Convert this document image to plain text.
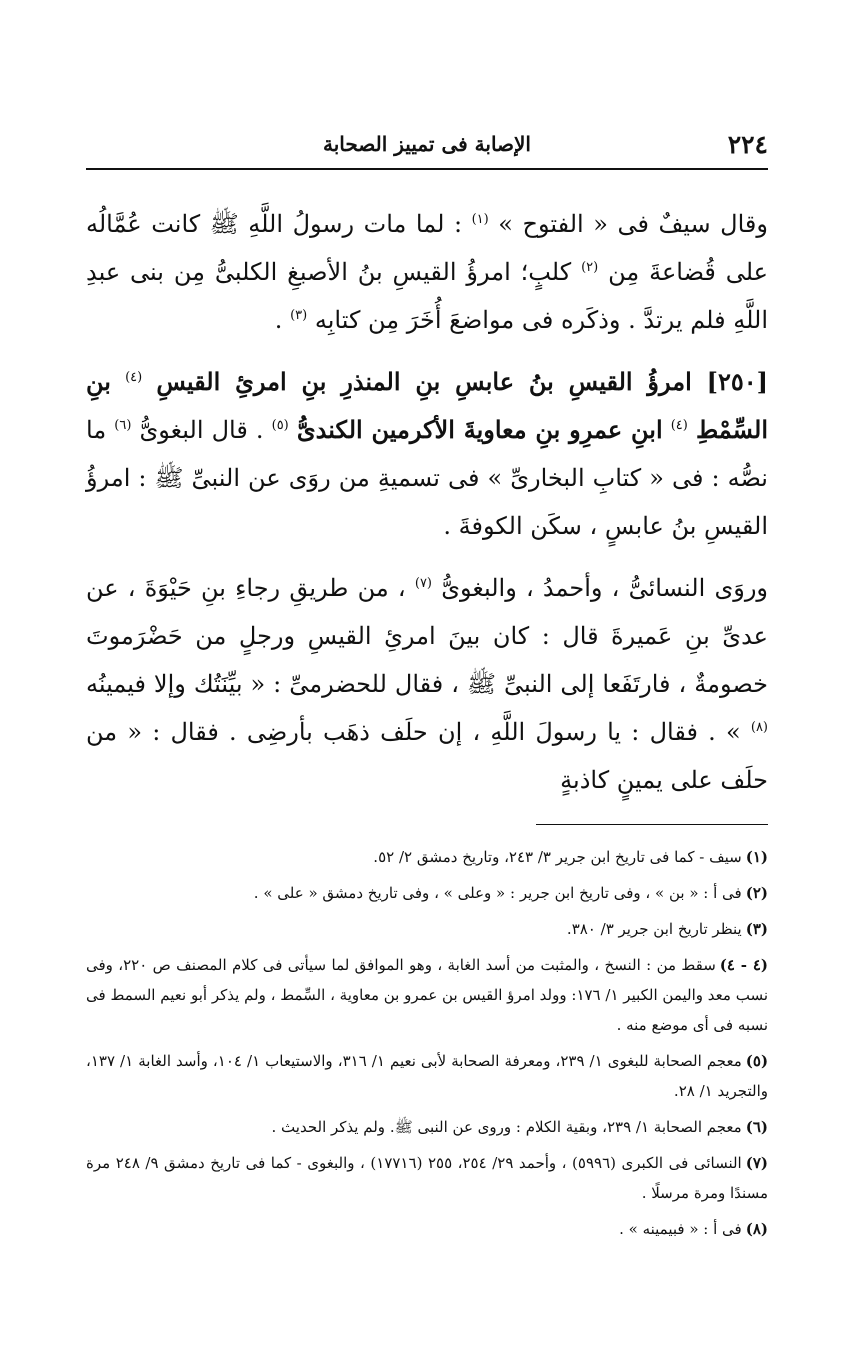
٢٢٤
الإصابة فى تمييز الصحابة

وقال سيفٌ فى « الفتوح » $^{(١)}$ : لما مات رسولُ اللَّهِ ﷺ كانت عُمَّالُه على قُضاعةَ مِن $^{(٢)}$ كلبٍ؛ امرؤُ القيسِ بنُ الأصبغِ الكلبىُّ مِن بنى عبدِ اللَّهِ فلم يرتدَّ . وذكَره فى مواضعَ أُخَرَ مِن كتابِه $^{(٣)}$ .

[٢٥٠] امرؤُ القيسِ بنُ عابسِ بنِ المنذرِ بنِ امرئِ القيسِ $^{(٤)}$ بنِ السِّمْطِ $^{(٤)}$ ابنِ عمرِو بنِ معاويةَ الأكرمين الكندىُّ $^{(٥)}$ . قال البغوىُّ $^{(٦)}$ ما نصُّه : فى « كتابِ البخارىِّ » فى تسميةِ من روَى عن النبىِّ ﷺ : امرؤُ القيسِ بنُ عابسٍ ، سكَن الكوفةَ .

وروَى النسائىُّ ، وأحمدُ ، والبغوىُّ $^{(٧)}$ ، من طريقِ رجاءِ بنِ حَيْوَةَ ، عن عدىِّ بنِ عَميرةَ قال : كان بينَ امرئِ القيسِ ورجلٍ من حَضْرَموتَ خصومةٌ ، فارتَفَعا إلى النبىِّ ﷺ ، فقال للحضرمىِّ : « بيِّنَتُك وإلا فيمينُه $^{(٨)}$ » . فقال : يا رسولَ اللَّهِ ، إن حلَف ذهَب بأرضِى . فقال : « من حلَف على يمينٍ كاذبةٍ

(١)سيف - كما فى تاريخ ابن جرير ٣/ ٢٤٣، وتاريخ دمشق ٢/ ٥٢.
(٢)فى أ : « بن » ، وفى تاريخ ابن جرير : « وعلى » ، وفى تاريخ دمشق « على » .
(٣)ينظر تاريخ ابن جرير ٣/ ٣٨٠.
(٤ - ٤)سقط من : النسخ ، والمثبت من أسد الغابة ، وهو الموافق لما سيأتى فى كلام المصنف ص ٢٢٠، وفى نسب معد واليمن الكبير ١/ ١٧٦: وولد امرؤ القيس بن عمرو بن معاوية ، السِّمط ، ولم يذكر أبو نعيم السمط فى نسبه فى أى موضع منه .
(٥)معجم الصحابة للبغوى ١/ ٢٣٩، ومعرفة الصحابة لأبى نعيم ١/ ٣١٦، والاستيعاب ١/ ١٠٤، وأسد الغابة ١/ ١٣٧، والتجريد ١/ ٢٨.
(٦)معجم الصحابة ١/ ٢٣٩، وبقية الكلام : وروى عن النبى ﷺ. ولم يذكر الحديث .
(٧)النسائى فى الكبرى (٥٩٩٦) ، وأحمد ٢٩/ ٢٥٤، ٢٥٥ (١٧٧١٦) ، والبغوى - كما فى تاريخ دمشق ٩/ ٢٤٨ مرة مسندًا ومرة مرسلًا .
(٨)فى أ : « فبيمينه » .
